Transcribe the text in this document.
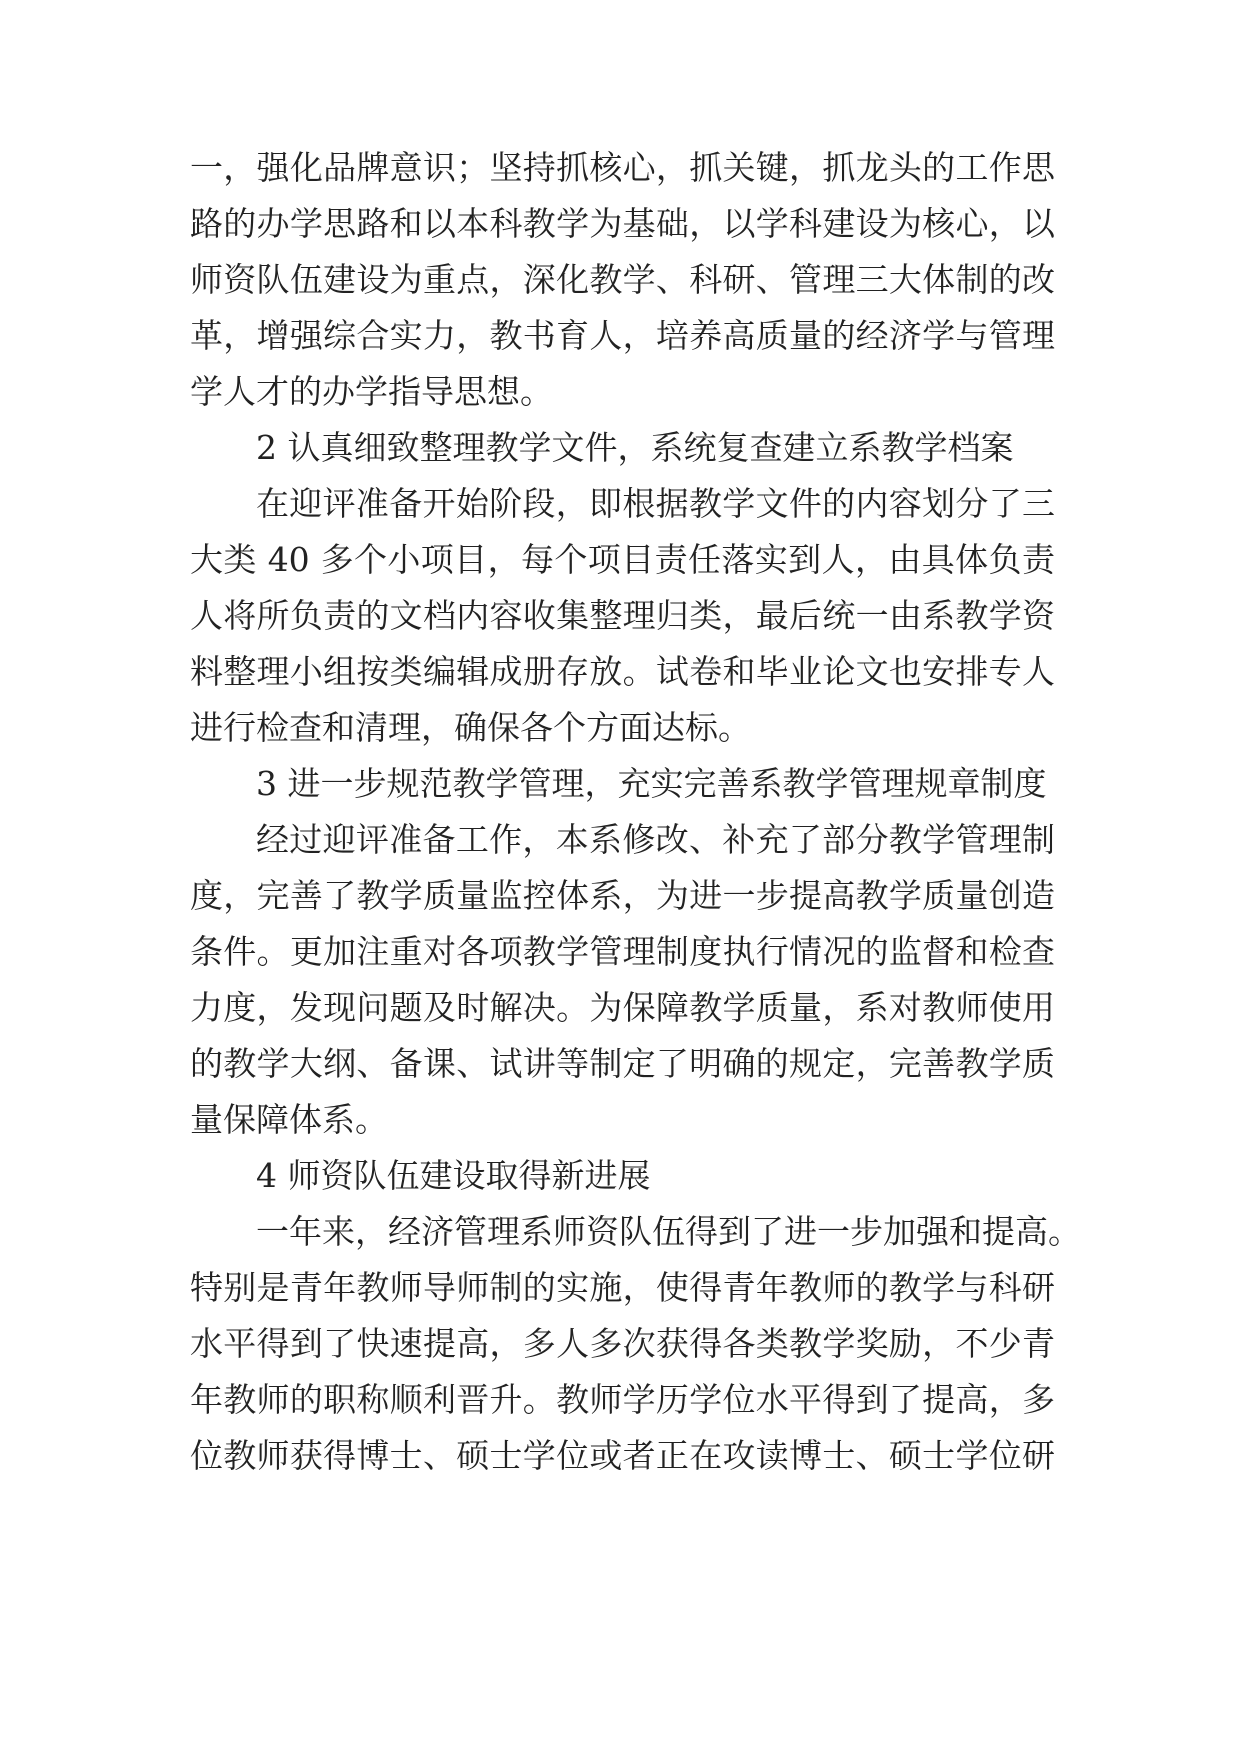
一，强化品牌意识；坚持抓核心，抓关键，抓龙头的工作思
路的办学思路和以本科教学为基础，以学科建设为核心，以
师资队伍建设为重点，深化教学、科研、管理三大体制的改
革，增强综合实力，教书育人，培养高质量的经济学与管理
学人才的办学指导思想。
2 认真细致整理教学文件，系统复查建立系教学档案
在迎评准备开始阶段，即根据教学文件的内容划分了三
大类 40 多个小项目，每个项目责任落实到人，由具体负责
人将所负责的文档内容收集整理归类，最后统一由系教学资
料整理小组按类编辑成册存放。试卷和毕业论文也安排专人
进行检查和清理，确保各个方面达标。
3 进一步规范教学管理，充实完善系教学管理规章制度
经过迎评准备工作，本系修改、补充了部分教学管理制
度，完善了教学质量监控体系，为进一步提高教学质量创造
条件。更加注重对各项教学管理制度执行情况的监督和检查
力度，发现问题及时解决。为保障教学质量，系对教师使用
的教学大纲、备课、试讲等制定了明确的规定，完善教学质
量保障体系。
4 师资队伍建设取得新进展
一年来，经济管理系师资队伍得到了进一步加强和提高。
特别是青年教师导师制的实施，使得青年教师的教学与科研
水平得到了快速提高，多人多次获得各类教学奖励，不少青
年教师的职称顺利晋升。教师学历学位水平得到了提高，多
位教师获得博士、硕士学位或者正在攻读博士、硕士学位研
